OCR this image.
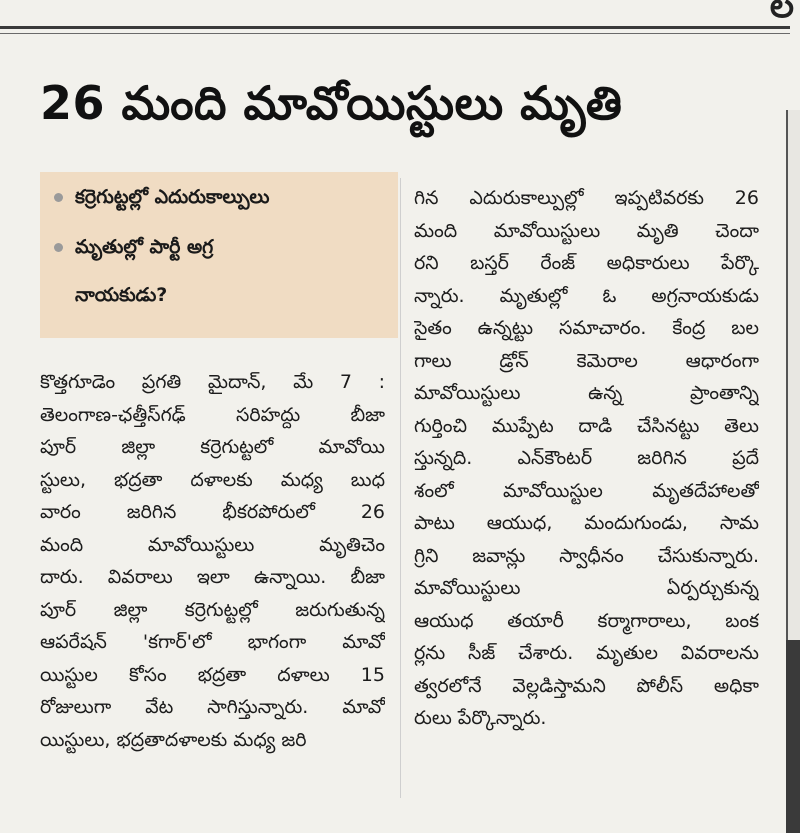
ల
26 మంది మావోయిస్టులు మృతి
కర్రెగుట్టల్లో ఎదురుకాల్పులు
మృతుల్లో పార్టీ అగ్ర
నాయకుడు?
కొత్తగూడెం ప్రగతి మైదాన్, మే 7 :
తెలంగాణ-ఛత్తీస్‌గఢ్ సరిహద్దు బీజా
పూర్ జిల్లా కర్రెగుట్టలో మావోయి
స్టులు, భద్రతా దళాలకు మధ్య బుధ
వారం జరిగిన భీకరపోరులో 26
మంది మావోయిస్టులు మృతిచెం
దారు. వివరాలు ఇలా ఉన్నాయి. బీజా
పూర్ జిల్లా కర్రెగుట్టల్లో జరుగుతున్న
ఆపరేషన్ 'కగార్'లో భాగంగా మావో
యిస్టుల కోసం భద్రతా దళాలు 15
రోజులుగా వేట సాగిస్తున్నారు. మావో
యిస్టులు, భద్రతాదళాలకు మధ్య జరి
గిన ఎదురుకాల్పుల్లో ఇప్పటివరకు 26
మంది మావోయిస్టులు మృతి చెందా
రని బస్తర్ రేంజ్ అధికారులు పేర్కొ
న్నారు. మృతుల్లో ఓ అగ్రనాయకుడు
సైతం ఉన్నట్టు సమాచారం. కేంద్ర బల
గాలు డ్రోన్ కెమెరాల ఆధారంగా
మావోయిస్టులు ఉన్న ప్రాంతాన్ని
గుర్తించి ముప్పేట దాడి చేసినట్టు తెలు
స్తున్నది. ఎన్‌కౌంటర్ జరిగిన ప్రదే
శంలో మావోయిస్టుల మృతదేహాలతో
పాటు ఆయుధ, మందుగుండు, సామ
గ్రిని జవాన్లు స్వాధీనం చేసుకున్నారు.
మావోయిస్టులు ఏర్పర్చుకున్న
ఆయుధ తయారీ కర్మాగారాలు, బంక
ర్లను సీజ్ చేశారు. మృతుల వివరాలను
త్వరలోనే వెల్లడిస్తామని పోలీస్ అధికా
రులు పేర్కొన్నారు.
